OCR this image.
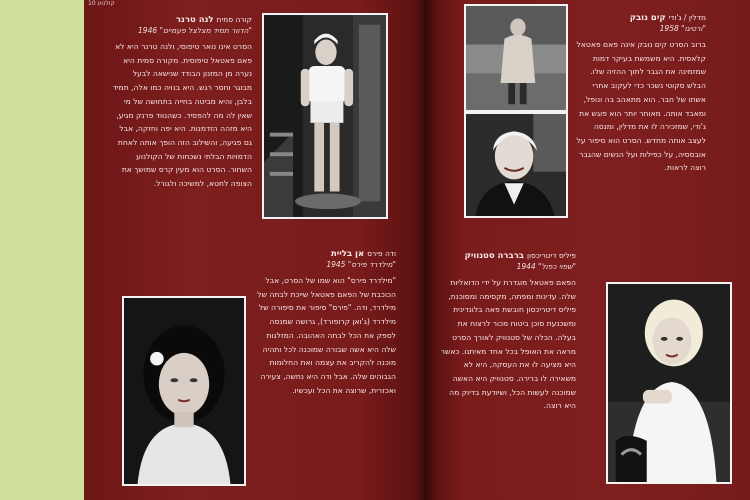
קולנוע 10
קורה סמית לנה טרנר
"הדוור תמיד מצלצל פעמיים" 1946
הסרט אינו נואר טיפוסי, ולנה טרנר היא לא פאם פאטאל טיפוסית. מקורה סמית היא נערה מן המזנון הבודד שנישאה לבעל מבוגר וחסר רגש. היא בנויה כמו אלה, תמיד בלבן, והיא מביטה בחייה בתחושה של מי שאין לה מה להפסיד. כשהנווד פרנק מגיע, היא מזהה הזדמנות. היא יפה וחזקה, אבל גם פגיעה, והשילוב הזה הופך אותה לאחת הדמויות הבלתי נשכחות של הקולנוע השחור. הסרט הוא מעין קרס שמושך את הצופה לחטא, למשיכה ולגורל.
ודה פירס אן בליית
"מילדרד פירס" 1945
"מילדרד פירס" הוא שמו של הסרט, אבל הכוכבת של הפאם פאטאל שייכת לבתה של מילדרד, ודה. "פירס" סיפור את סיפורה של מילדרד (ג'ואן קרופורד), גרושה שמנסה לספק את הכל לבתה האהובה. המזלגות שלה היא אשה שבורה שמוכנה לכל ותהיה מוכנה להקריב את עצמה ואת החלומות הגבוהים שלה. אבל ודה היא נחשה, צעירה ואכזרית, שרוצה את הכל ועכשיו.
מדלין / ג'ודי קים נובק
"ורטיגו" 1958
ברוב הסרט קים נובק אינה פאם פאטאל קלאסית. היא משמשת בעיקר דמות שמזמינה את הגבר לתוך ההזיה שלו. הבלש סקוטי נשכר כדי לעקוב אחרי אשתו של חבר. הוא מתאהב בה ונופל, ומאבד אותה. מאוחר יותר הוא פוגש את ג'ודי, שמזכירה לו את מדלין, ומנסה לעצב אותה מחדש. הסרט הוא סיפור על אובססיה, על כפילות ועל הנשים שהגבר רוצה לראות.
פיליס דיטריכסון ברברה סטנוויק
"שפוי כפול" 1944
הפאם פאטאל מוגדרת על ידי הדואליות שלה. עדינות ומפתה, מקסימה ומסוכנת, פיליס דיטריכסון חובשת פאה בלונדינית ומשכנעת סוכן ביטוח מכור לרצוח את בעלה. הכלה של סטנוויק לאורך הסרט מראה את האופל בכל אחד מאיתנו. כאשר היא מציעה לו את העסקה, היא לא משאירה לו ברירה. סטנוויק היא האשה שמוכנה לעשות הכל, ושיודעת בדיוק מה היא רוצה.
